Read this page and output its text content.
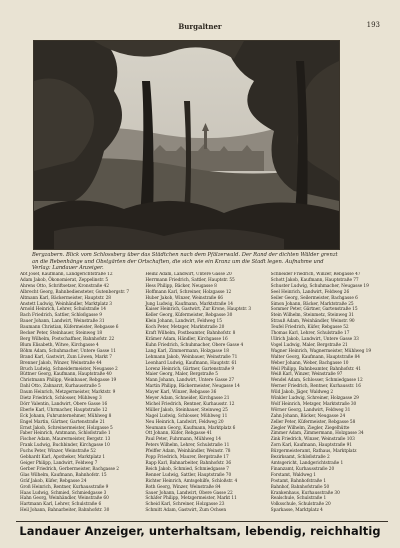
Burgaltner	193
Bergzabern. Blick vom Schlossberg über das Städtchen nach dem Pfälzerwald. Der Rand der dichten Wälder grenzt an die Rebenhänge und Obstgärten der Ortschaften, die sich wie ein Kranz um die Stadt legen. Aufnahme und Verlag: Landauer Anzeiger.
Abt Josef, Kaufmann, Landgerichtstraße 12
Adam Jakob, Ökonomierat, Zeppelinstr. 5
Ahrens Otto, Schriftsetzer, Kronstraße 42
Albrecht Georg, Bahnbediensteter, Gutenbergstr. 7
Altmann Karl, Bäckermeister, Hauptstr. 28
Anstett Ludwig, Weinhändler, Marktplatz 3
Arnold Heinrich, Lehrer, Schulstraße 14
Bach Friedrich, Sattler, Schloßgasse 9
Bauer Johann, Landwirt, Weinstraße 31
Baumann Christian, Küfermeister, Rebgasse 6
Becker Peter, Steinhauer, Steinweg 18
Berg Wilhelm, Postschaffner, Bahnhofstr. 22
Blum Elisabeth, Witwe, Kirchgasse 4
Böhm Adam, Schuhmacher, Untere Gasse 11
Brand Karl, Gastwirt, Zum Löwen, Markt 7
Brenner Jakob, Winzer, Weinstraße 44
Bruch Ludwig, Schneidermeister, Neugasse 2
Büttner Georg, Kaufmann, Hauptstraße 40
Christmann Philipp, Weinbauer, Rebgasse 19
Dahl Otto, Zahnarzt, Kurhausstraße 5
Daum Heinrich, Metzgermeister, Marktstr. 9
Dietz Friedrich, Schlosser, Mühlweg 3
Dörr Valentin, Landwirt, Obere Gasse 16
Eberle Karl, Uhrmacher, Hauptstraße 12
Eck Johann, Fuhrunternehmer, Mühlweg 8
Engel Martin, Gärtner, Gartenstraße 21
Ernst Jakob, Schreinermeister, Holzgasse 5
Faber Heinrich, Amtmann, Schloßstraße 1
Fischer Adam, Maurermeister, Bergstr. 13
Frank Ludwig, Buchbinder, Kirchgasse 10
Fuchs Peter, Winzer, Weinstraße 52
Gebhardt Karl, Apotheker, Marktplatz 1
Geiger Philipp, Landwirt, Feldweg 7
Gerber Friedrich, Gerbermeister, Bachgasse 2
Glas Wilhelm, Kaufmann, Bahnhofstr. 15
Gräf Jakob, Küfer, Rebgasse 24
Groß Heinrich, Rentner, Kurhausstraße 9
Haas Ludwig, Schmied, Schmiedgasse 3
Hahn Georg, Weinhändler, Weinstraße 60
Hartmann Karl, Lehrer, Schulstraße 6
Heil Johann, Bahnarbeiter, Bahnhofstr. 30
Heinz Adam, Landwirt, Untere Gasse 20
Herrmann Friedrich, Sattler, Hauptstr. 55
Hess Philipp, Bäcker, Neugasse 8
Hoffmann Karl, Schreiner, Holzgasse 12
Huber Jakob, Winzer, Weinstraße 66
Jung Ludwig, Kaufmann, Marktstraße 14
Kaiser Heinrich, Gastwirt, Zur Krone, Hauptstr. 3
Keller Georg, Küfermeister, Rebgasse 30
Klein Johann, Landwirt, Feldweg 15
Koch Peter, Metzger, Marktstraße 20
Kraft Wilhelm, Postbeamter, Bahnhofstr. 8
Krämer Adam, Händler, Kirchgasse 16
Kuhn Friedrich, Schuhmacher, Obere Gasse 4
Lang Karl, Zimmermann, Holzgasse 18
Lehmann Jakob, Weinbauer, Weinstraße 71
Leonhard Ludwig, Kaufmann, Hauptstr. 61
Lorenz Heinrich, Gärtner, Gartenstraße 9
Maier Georg, Maler, Bergstraße 5
Mann Johann, Landwirt, Untere Gasse 27
Martin Philipp, Bäckermeister, Neugasse 14
Mayer Karl, Winzer, Rebgasse 36
Meyer Adam, Schneider, Kirchgasse 21
Michel Friedrich, Rentner, Kurhausstr. 12
Müller Jakob, Steinhauer, Steinweg 25
Nagel Ludwig, Schlosser, Mühlweg 11
Neu Heinrich, Landwirt, Feldweg 20
Neumann Georg, Kaufmann, Marktplatz 6
Ott Johann, Küfer, Rebgasse 41
Paul Peter, Fuhrmann, Mühlweg 14
Peters Wilhelm, Lehrer, Schulstraße 11
Pfeiffer Adam, Weinhändler, Weinstr. 78
Popp Friedrich, Maurer, Bergstraße 17
Rapp Karl, Bahnarbeiter, Bahnhofstr. 36
Reich Jakob, Schmied, Schmiedgasse 7
Renner Ludwig, Sattler, Hauptstraße 70
Richter Heinrich, Amtsgehilfe, Schloßstr. 4
Roth Georg, Winzer, Weinstraße 84
Sauer Johann, Landwirt, Obere Gasse 22
Schäfer Philipp, Metzgermeister, Markt 11
Scheid Karl, Schreiner, Holzgasse 23
Schmitt Adam, Gastwirt, Zum Ochsen
Schneider Friedrich, Winzer, Rebgasse 47
Schott Jakob, Kaufmann, Hauptstraße 77
Schuster Ludwig, Schuhmacher, Neugasse 19
Seel Heinrich, Landwirt, Feldweg 26
Seiler Georg, Seilermeister, Bachgasse 6
Simon Johann, Bäcker, Marktstraße 25
Sommer Peter, Gärtner, Gartenstraße 15
Stein Wilhelm, Steinmetz, Steinweg 31
Strauß Adam, Weinhändler, Weinstr. 90
Teufel Friedrich, Küfer, Rebgasse 52
Thomas Karl, Lehrer, Schulstraße 17
Ullrich Jakob, Landwirt, Untere Gasse 33
Vogel Ludwig, Maler, Bergstraße 21
Wagner Heinrich, Wagnermeister, Mühlweg 19
Walter Georg, Kaufmann, Hauptstraße 84
Weber Johann, Weber, Bachgasse 10
Weil Philipp, Bahnbeamter, Bahnhofstr. 41
Weiß Karl, Winzer, Weinstraße 97
Wendel Adam, Schlosser, Schmiedgasse 12
Werner Friedrich, Rentner, Kurhausstr. 16
Wild Jakob, Jäger, Waldweg 2
Winkler Ludwig, Schreiner, Holzgasse 29
Wolf Heinrich, Metzger, Marktstraße 30
Wörner Georg, Landwirt, Feldweg 31
Zahn Johann, Bäcker, Neugasse 24
Zeller Peter, Küfermeister, Rebgasse 58
Ziegler Wilhelm, Ziegler, Ziegelhütte
Zimmer Adam, Zimmermann, Holzgasse 34
Zink Friedrich, Winzer, Weinstraße 103
Zorn Karl, Kaufmann, Hauptstraße 91
Bürgermeisteramt, Rathaus, Marktplatz
Bezirksamt, Schloßstraße 2
Amtsgericht, Landgerichtstraße 1
Finanzamt, Kurhausstraße 20
Forstamt, Waldweg 1
Postamt, Bahnhofstraße 1
Bahnhof, Bahnhofstraße 50
Krankenhaus, Kurhausstraße 30
Realschule, Schulstraße 1
Volksschule, Schulstraße 20
Sparkasse, Marktplatz 4
Landauer Anzeiger, unterhaltsam, lebendig, reichhaltig
